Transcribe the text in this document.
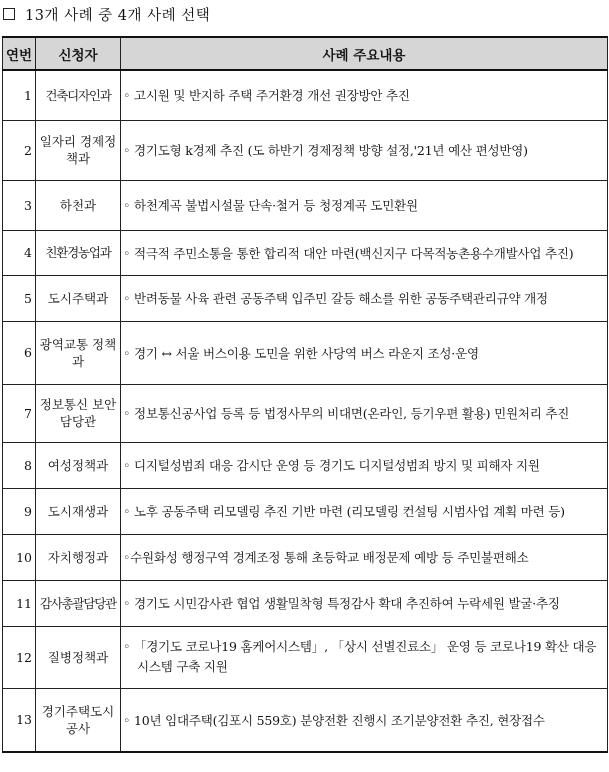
13개 사례 중 4개 사례 선택
연번	신청자	사례 주요내용
1	건축디자인과	◦ 고시원 및 반지하 주택 주거환경 개선 권장방안 추진
2	일자리 경제정책과	◦ 경기도형 k경제 추진 (도 하반기 경제정책 방향 설정,'21년 예산 편성반영)
3	하천과	◦ 하천계곡 불법시설물 단속·철거 등 청정계곡 도민환원
4	친환경농업과	◦ 적극적 주민소통을 통한 합리적 대안 마련(백신지구 다목적농촌용수개발사업 추진)
5	도시주택과	◦ 반려동물 사육 관련 공동주택 입주민 갈등 해소를 위한 공동주택관리규약 개정
6	광역교통 정책과	◦ 경기 ↔ 서울 버스이용 도민을 위한 사당역 버스 라운지 조성·운영
7	정보통신 보안담당관	◦ 정보통신공사업 등록 등 법정사무의 비대면(온라인, 등기우편 활용) 민원처리 추진
8	여성정책과	◦ 디지털성범죄 대응 감시단 운영 등 경기도 디지털성범죄 방지 및 피해자 지원
9	도시재생과	◦ 노후 공동주택 리모델링 추진 기반 마련 (리모델링 컨설팅 시범사업 계획 마련 등)
10	자치행정과	◦수원화성 행정구역 경계조정 통해 초등학교 배정문제 예방 등 주민불편해소
11	감사총괄담당관	◦ 경기도 시민감사관 협업 생활밀착형 특정감사 확대 추진하여 누락세원 발굴·추징
12	질병정책과	◦ 「경기도 코로나19 홈케어시스템」, 「상시 선별진료소」 운영 등 코로나19 확산 대응
시스템 구축 지원

13	경기주택도시 공사	◦ 10년 임대주택(김포시 559호) 분양전환 진행시 조기분양전환 추진, 현장접수
